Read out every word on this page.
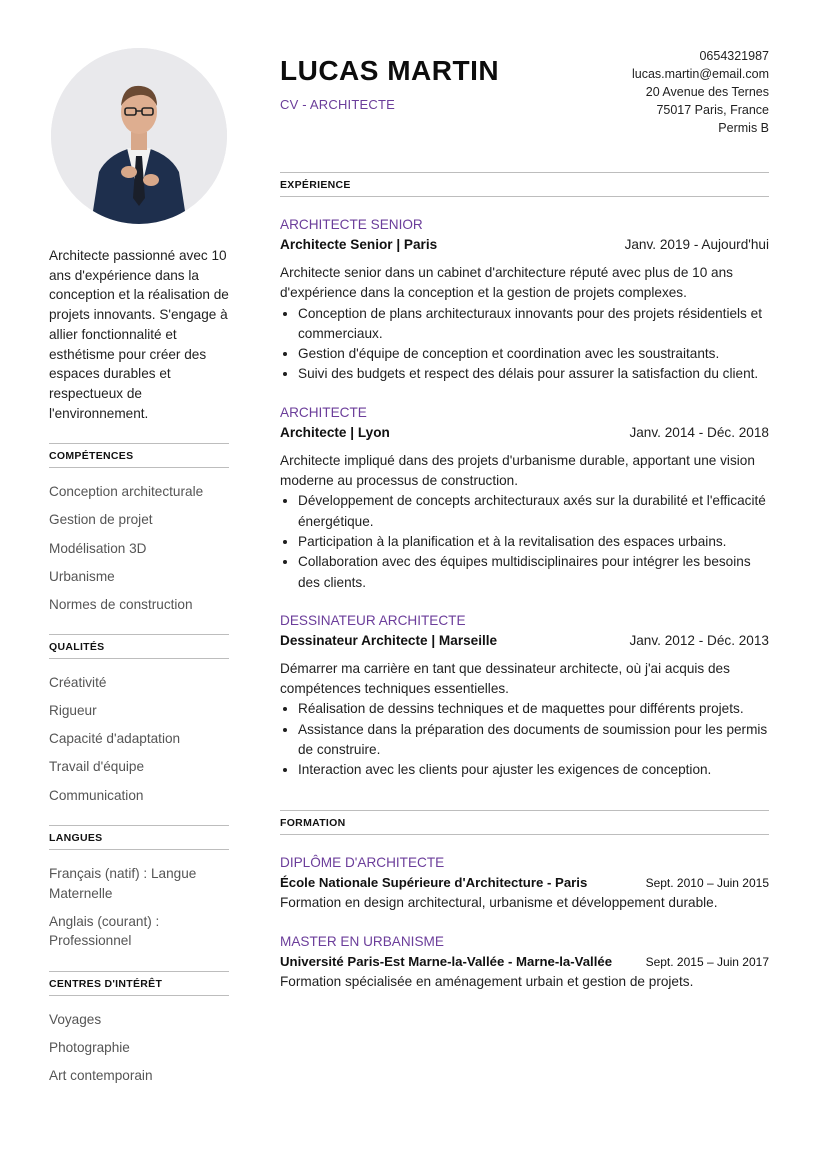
Architecte passionné avec 10 ans d'expérience dans la conception et la réalisation de projets innovants. S'engage à allier fonctionnalité et esthétisme pour créer des espaces durables et respectueux de l'environnement.
COMPÉTENCES
Conception architecturale
Gestion de projet
Modélisation 3D
Urbanisme
Normes de construction
QUALITÉS
Créativité
Rigueur
Capacité d'adaptation
Travail d'équipe
Communication
LANGUES
Français (natif) : Langue Maternelle
Anglais (courant) : Professionnel
CENTRES D'INTÉRÊT
Voyages
Photographie
Art contemporain
0654321987
lucas.martin@email.com
20 Avenue des Ternes
75017 Paris, France
Permis B
LUCAS MARTIN
CV - ARCHITECTE
EXPÉRIENCE
ARCHITECTE SENIOR
Architecte Senior | Paris	Janv. 2019 - Aujourd'hui
Architecte senior dans un cabinet d'architecture réputé avec plus de 10 ans d'expérience dans la conception et la gestion de projets complexes.
• Conception de plans architecturaux innovants pour des projets résidentiels et commerciaux.
• Gestion d'équipe de conception et coordination avec les soustraitants.
• Suivi des budgets et respect des délais pour assurer la satisfaction du client.
ARCHITECTE
Architecte | Lyon	Janv. 2014 - Déc. 2018
Architecte impliqué dans des projets d'urbanisme durable, apportant une vision moderne au processus de construction.
• Développement de concepts architecturaux axés sur la durabilité et l'efficacité énergétique.
• Participation à la planification et à la revitalisation des espaces urbains.
• Collaboration avec des équipes multidisciplinaires pour intégrer les besoins des clients.
DESSINATEUR ARCHITECTE
Dessinateur Architecte | Marseille	Janv. 2012 - Déc. 2013
Démarrer ma carrière en tant que dessinateur architecte, où j'ai acquis des compétences techniques essentielles.
• Réalisation de dessins techniques et de maquettes pour différents projets.
• Assistance dans la préparation des documents de soumission pour les permis de construire.
• Interaction avec les clients pour ajuster les exigences de conception.
FORMATION
DIPLÔME D'ARCHITECTE
École Nationale Supérieure d'Architecture - Paris	Sept. 2010 – Juin 2015
Formation en design architectural, urbanisme et développement durable.
MASTER EN URBANISME
Université Paris-Est Marne-la-Vallée - Marne-la-Vallée	Sept. 2015 – Juin 2017
Formation spécialisée en aménagement urbain et gestion de projets.
